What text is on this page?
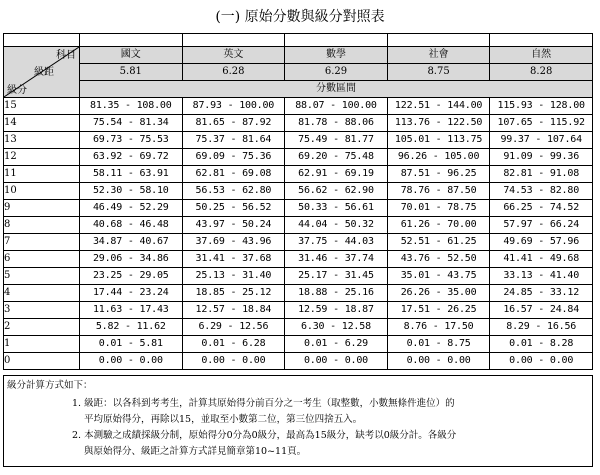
(一) 原始分數與級分對照表

科目
級距
級分	國文	英文	數學	社會	自然
	5.81	6.28	6.29	8.75	8.28
	分數區間				
15	81.35 - 108.00	87.93 - 100.00	88.07 - 100.00	122.51 - 144.00	115.93 - 128.00
14	75.54 - 81.34	81.65 - 87.92	81.78 - 88.06	113.76 - 122.50	107.65 - 115.92
13	69.73 - 75.53	75.37 - 81.64	75.49 - 81.77	105.01 - 113.75	99.37 - 107.64
12	63.92 - 69.72	69.09 - 75.36	69.20 - 75.48	96.26 - 105.00	91.09 - 99.36
11	58.11 - 63.91	62.81 - 69.08	62.91 - 69.19	87.51 - 96.25	82.81 - 91.08
10	52.30 - 58.10	56.53 - 62.80	56.62 - 62.90	78.76 - 87.50	74.53 - 82.80
9	46.49 - 52.29	50.25 - 56.52	50.33 - 56.61	70.01 - 78.75	66.25 - 74.52
8	40.68 - 46.48	43.97 - 50.24	44.04 - 50.32	61.26 - 70.00	57.97 - 66.24
7	34.87 - 40.67	37.69 - 43.96	37.75 - 44.03	52.51 - 61.25	49.69 - 57.96
6	29.06 - 34.86	31.41 - 37.68	31.46 - 37.74	43.76 - 52.50	41.41 - 49.68
5	23.25 - 29.05	25.13 - 31.40	25.17 - 31.45	35.01 - 43.75	33.13 - 41.40
4	17.44 - 23.24	18.85 - 25.12	18.88 - 25.16	26.26 - 35.00	24.85 - 33.12
3	11.63 - 17.43	12.57 - 18.84	12.59 - 18.87	17.51 - 26.25	16.57 - 24.84
2	5.82 - 11.62	6.29 - 12.56	6.30 - 12.58	8.76 - 17.50	8.29 - 16.56
1	0.01 - 5.81	0.01 - 6.28	0.01 - 6.29	0.01 - 8.75	0.01 - 8.28
0	0.00 - 0.00	0.00 - 0.00	0.00 - 0.00	0.00 - 0.00	0.00 - 0.00
級分計算方式如下：
1. 級距：以各科到考考生，計算其原始得分前百分之一考生（取整數，小數無條件進位）的
平均原始得分，再除以15，並取至小數第二位，第三位四捨五入。
2. 本測驗之成績採級分制，原始得分0分為0級分，最高為15級分，缺考以0級分計。各級分
與原始得分、級距之計算方式詳見簡章第10~11頁。
